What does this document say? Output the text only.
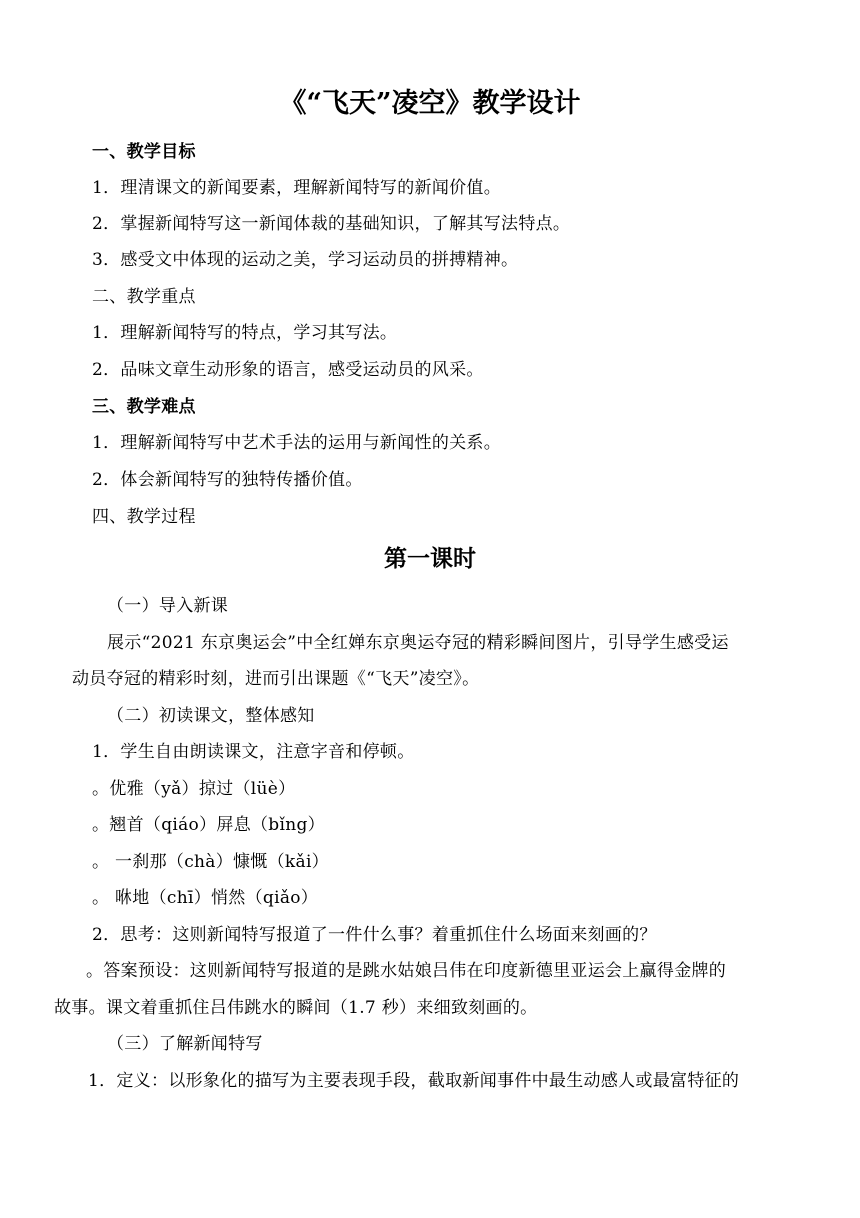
《“飞天”凌空》教学设计
一、教学目标
1．理清课文的新闻要素，理解新闻特写的新闻价值。
2．掌握新闻特写这一新闻体裁的基础知识，了解其写法特点。
3．感受文中体现的运动之美，学习运动员的拼搏精神。
二、教学重点
1．理解新闻特写的特点，学习其写法。
2．品味文章生动形象的语言，感受运动员的风采。
三、教学难点
1．理解新闻特写中艺术手法的运用与新闻性的关系。
2．体会新闻特写的独特传播价值。
四、教学过程
第一课时
（一）导入新课
展示“2021 东京奥运会”中全红婵东京奥运夺冠的精彩瞬间图片，引导学生感受运
动员夺冠的精彩时刻，进而引出课题《“飞天”凌空》。
（二）初读课文，整体感知
1．学生自由朗读课文，注意字音和停顿。
。优雅（yǎ）掠过（lüè）
。翘首（qiáo）屏息（bǐng）
。 一刹那（chà）慷慨（kǎi）
。 咻地（chī）悄然（qiǎo）
2．思考：这则新闻特写报道了一件什么事？着重抓住什么场面来刻画的？
。答案预设：这则新闻特写报道的是跳水姑娘吕伟在印度新德里亚运会上赢得金牌的
故事。课文着重抓住吕伟跳水的瞬间（1.7 秒）来细致刻画的。
（三）了解新闻特写
1．定义：以形象化的描写为主要表现手段，截取新闻事件中最生动感人或最富特征的
